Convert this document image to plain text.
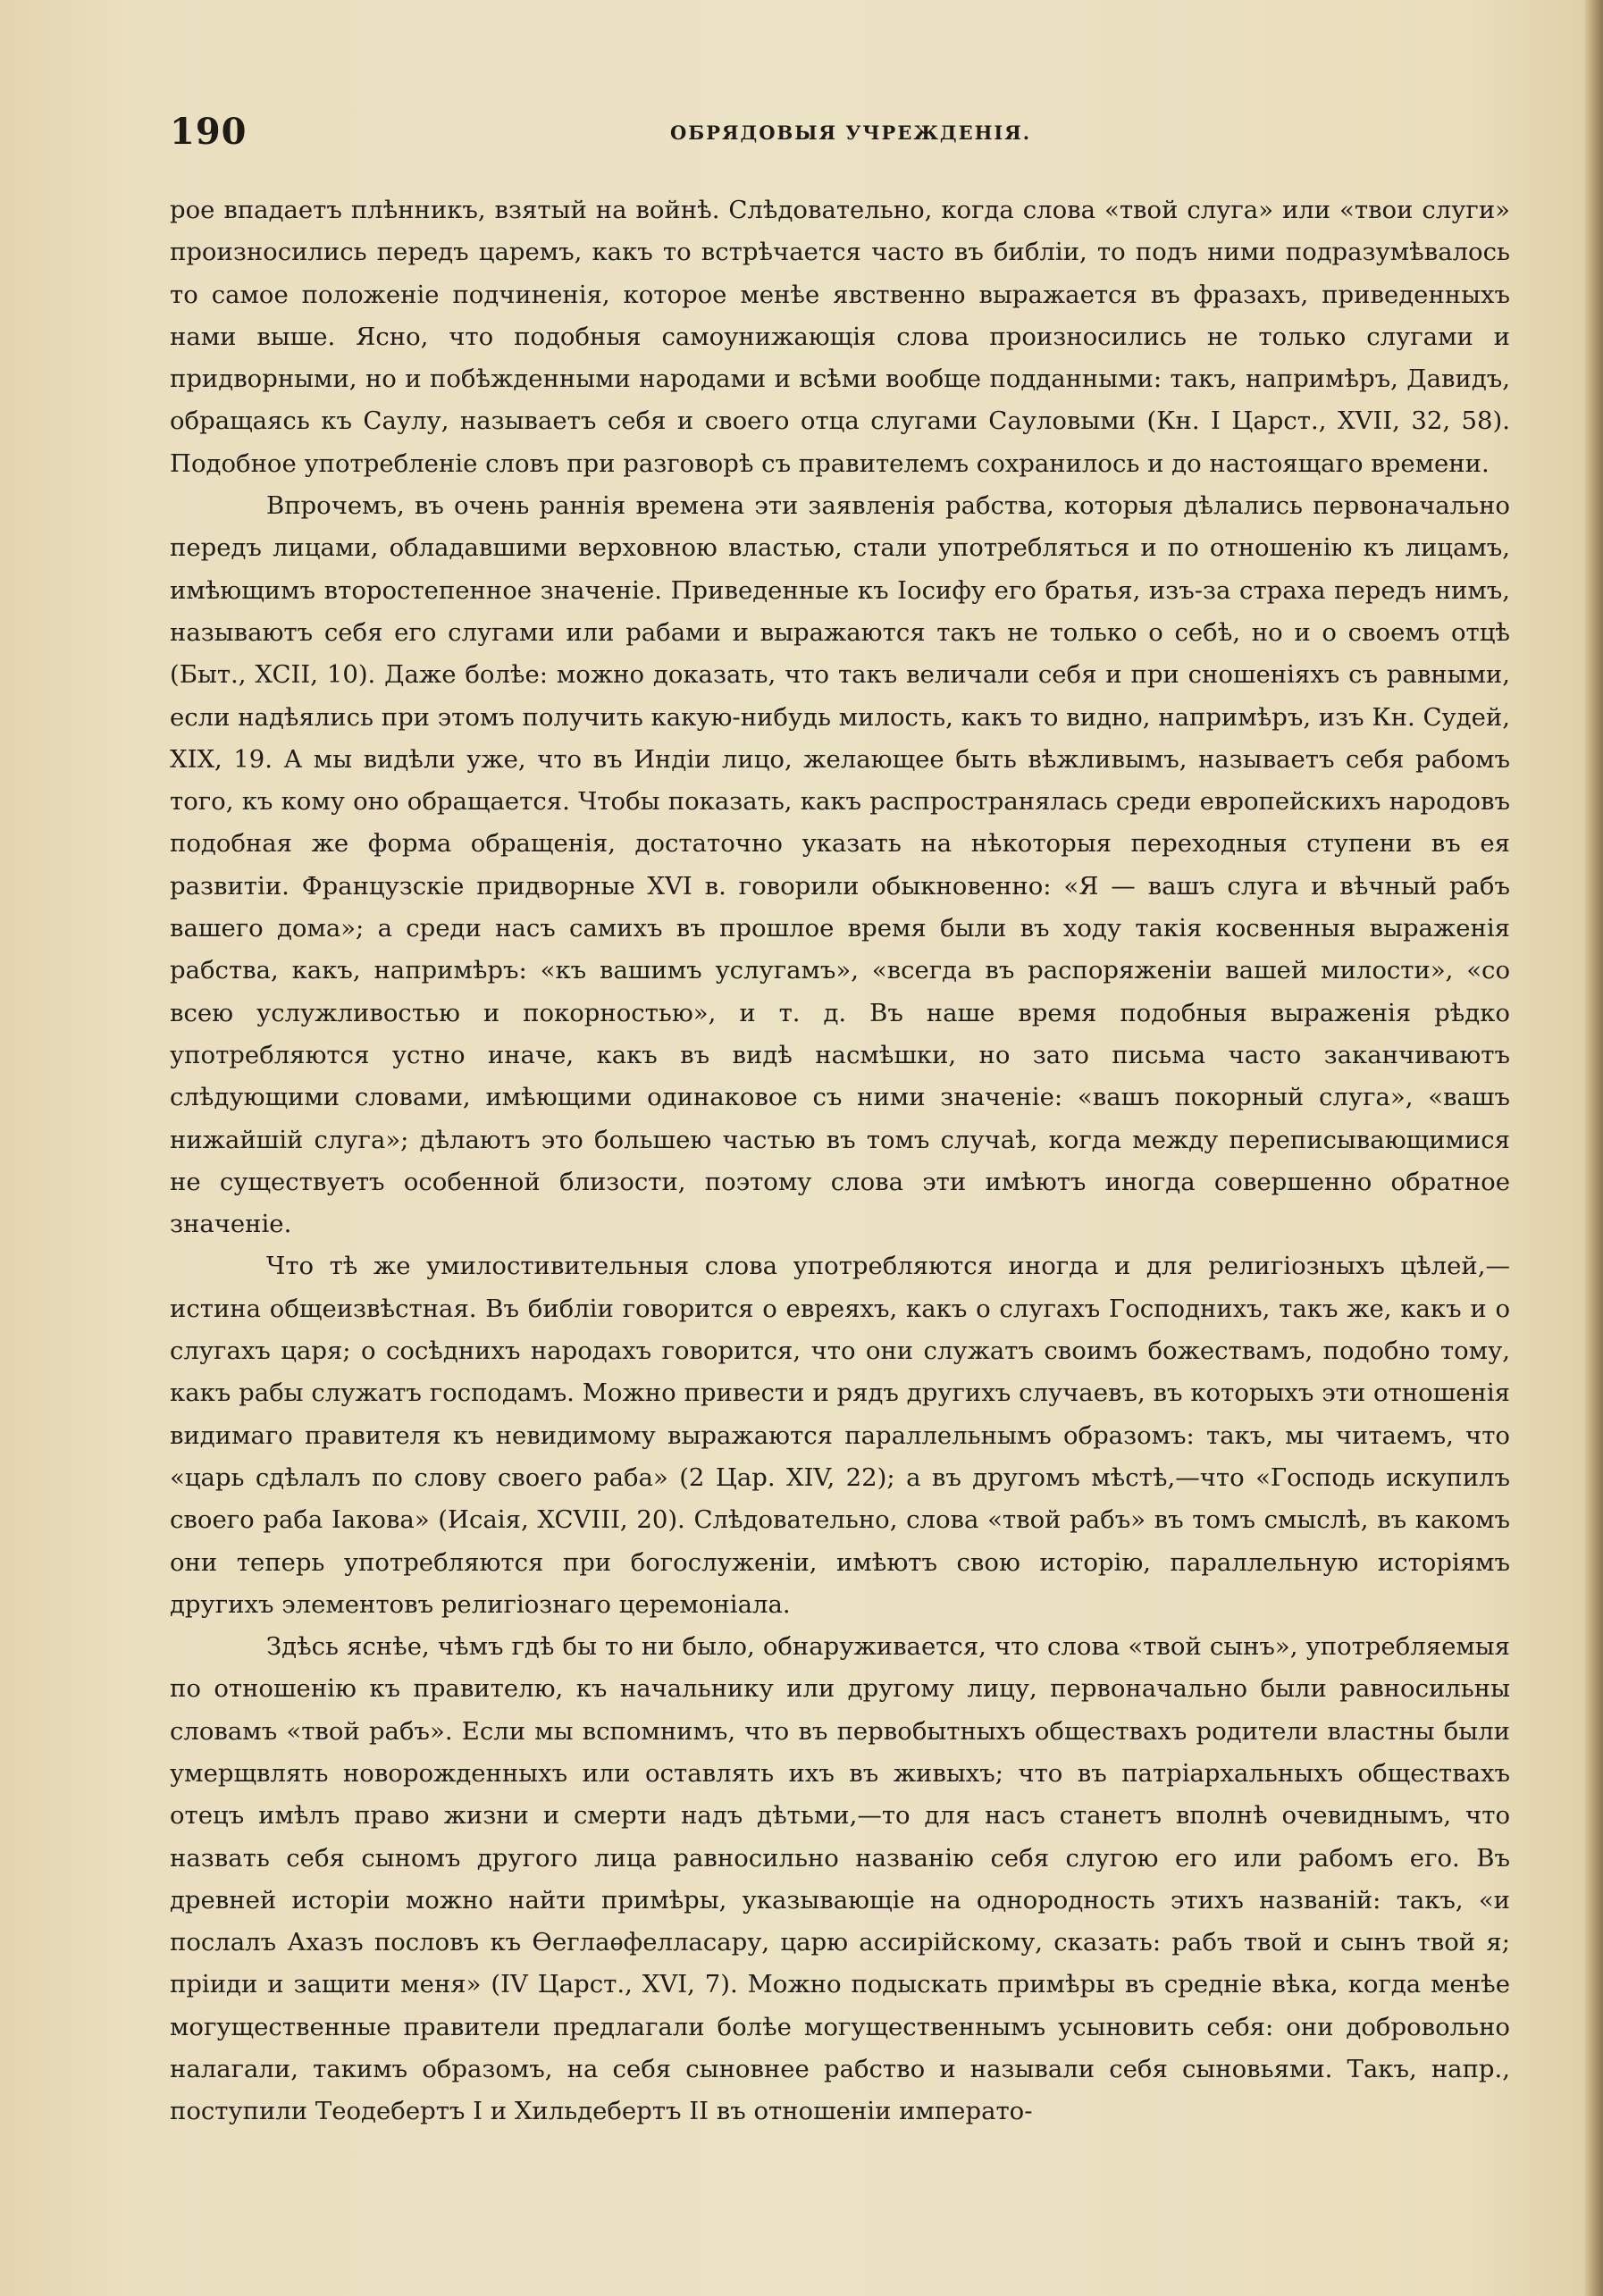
190	ОБРЯДОВЫЯ УЧРЕЖДЕНІЯ.

рое впадаетъ плѣнникъ, взятый на войнѣ. Слѣдовательно, когда слова «твой слуга» или «твои слуги» произносились передъ царемъ, какъ то встрѣчается часто въ библіи, то подъ ними подразумѣвалось то самое положеніе подчиненія, которое менѣе явственно выражается въ фразахъ, приведенныхъ нами выше. Ясно, что подобныя самоунижающія слова произносились не только слугами и придворными, но и побѣжденными народами и всѣми вообще подданными: такъ, напримѣръ, Давидъ, обращаясь къ Саулу, называетъ себя и своего отца слугами Сауловыми (Кн. I Царст., XVII, 32, 58). Подобное употребленіе словъ при разговорѣ съ правителемъ сохранилось и до настоящаго времени.

Впрочемъ, въ очень раннія времена эти заявленія рабства, которыя дѣлались первоначально передъ лицами, обладавшими верховною властью, стали употребляться и по отношенію къ лицамъ, имѣющимъ второстепенное значеніе. Приведенные къ Іосифу его братья, изъ-за страха передъ нимъ, называютъ себя его слугами или рабами и выражаются такъ не только о себѣ, но и о своемъ отцѣ (Быт., XCII, 10). Даже болѣе: можно доказать, что такъ величали себя и при сношеніяхъ съ равными, если надѣялись при этомъ получить какую-нибудь милость, какъ то видно, напримѣръ, изъ Кн. Судей, XIX, 19. А мы видѣли уже, что въ Индіи лицо, желающее быть вѣжливымъ, называетъ себя рабомъ того, къ кому оно обращается. Чтобы показать, какъ распространялась среди европейскихъ народовъ подобная же форма обращенія, достаточно указать на нѣкоторыя переходныя ступени въ ея развитіи. Французскіе придворные XVI в. говорили обыкновенно: «Я — вашъ слуга и вѣчный рабъ вашего дома»; а среди насъ самихъ въ прошлое время были въ ходу такія косвенныя выраженія рабства, какъ, напримѣръ: «къ вашимъ услугамъ», «всегда въ распоряженіи вашей милости», «со всею услужливостью и покорностью», и т. д. Въ наше время подобныя выраженія рѣдко употребляются устно иначе, какъ въ видѣ насмѣшки, но зато письма часто заканчиваютъ слѣдующими словами, имѣющими одинаковое съ ними значеніе: «вашъ покорный слуга», «вашъ нижайшій слуга»; дѣлаютъ это большею частью въ томъ случаѣ, когда между переписывающимися не существуетъ особенной близости, поэтому слова эти имѣютъ иногда совершенно обратное значеніе.

Что тѣ же умилостивительныя слова употребляются иногда и для религіозныхъ цѣлей,—истина общеизвѣстная. Въ библіи говорится о евреяхъ, какъ о слугахъ Господнихъ, такъ же, какъ и о слугахъ царя; о сосѣднихъ народахъ говорится, что они служатъ своимъ божествамъ, подобно тому, какъ рабы служатъ господамъ. Можно привести и рядъ другихъ случаевъ, въ которыхъ эти отношенія видимаго правителя къ невидимому выражаются параллельнымъ образомъ: такъ, мы читаемъ, что «царь сдѣлалъ по слову своего раба» (2 Цар. XIV, 22); а въ другомъ мѣстѣ,—что «Господь искупилъ своего раба Іакова» (Исаія, XCVIII, 20). Слѣдовательно, слова «твой рабъ» въ томъ смыслѣ, въ какомъ они теперь употребляются при богослуженіи, имѣютъ свою исторію, параллельную исторіямъ другихъ элементовъ религіознаго церемоніала.

Здѣсь яснѣе, чѣмъ гдѣ бы то ни было, обнаруживается, что слова «твой сынъ», употребляемыя по отношенію къ правителю, къ начальнику или другому лицу, первоначально были равносильны словамъ «твой рабъ». Если мы вспомнимъ, что въ первобытныхъ обществахъ родители властны были умерщвлять новорожденныхъ или оставлять ихъ въ живыхъ; что въ патріархальныхъ обществахъ отецъ имѣлъ право жизни и смерти надъ дѣтьми,—то для насъ станетъ вполнѣ очевиднымъ, что назвать себя сыномъ другого лица равносильно названію себя слугою его или рабомъ его. Въ древней исторіи можно найти примѣры, указывающіе на однородность этихъ названій: такъ, «и послалъ Ахазъ пословъ къ Ѳеглаѳфелласару, царю ассирійскому, сказать: рабъ твой и сынъ твой я; пріиди и защити меня» (IV Царст., XVI, 7). Можно подыскать примѣры въ средніе вѣка, когда менѣе могущественные правители предлагали болѣе могущественнымъ усыновить себя: они добровольно налагали, такимъ образомъ, на себя сыновнее рабство и называли себя сыновьями. Такъ, напр., поступили Теодебертъ I и Хильдебертъ II въ отношеніи императо-
